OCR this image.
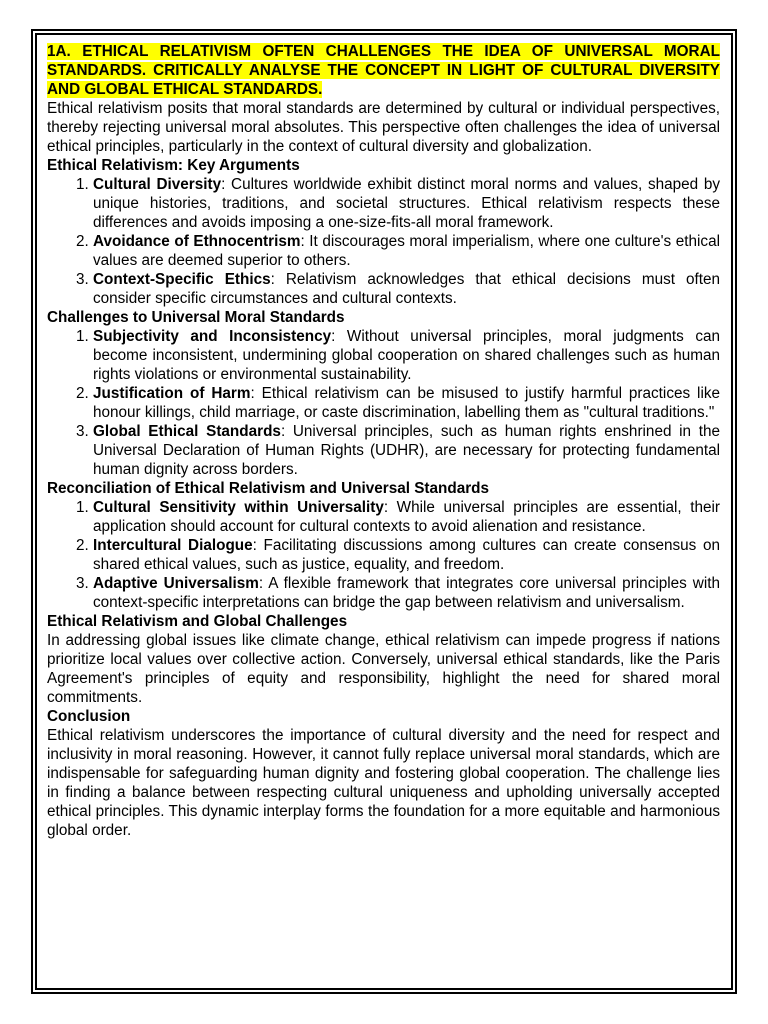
1A. ETHICAL RELATIVISM OFTEN CHALLENGES THE IDEA OF UNIVERSAL MORAL STANDARDS. CRITICALLY ANALYSE THE CONCEPT IN LIGHT OF CULTURAL DIVERSITY AND GLOBAL ETHICAL STANDARDS.

Ethical relativism posits that moral standards are determined by cultural or individual perspectives, thereby rejecting universal moral absolutes. This perspective often challenges the idea of universal ethical principles, particularly in the context of cultural diversity and globalization.

Ethical Relativism: Key Arguments
1. Cultural Diversity: Cultures worldwide exhibit distinct moral norms and values, shaped by unique histories, traditions, and societal structures. Ethical relativism respects these differences and avoids imposing a one-size-fits-all moral framework.
2. Avoidance of Ethnocentrism: It discourages moral imperialism, where one culture's ethical values are deemed superior to others.
3. Context-Specific Ethics: Relativism acknowledges that ethical decisions must often consider specific circumstances and cultural contexts.
Challenges to Universal Moral Standards
1. Subjectivity and Inconsistency: Without universal principles, moral judgments can become inconsistent, undermining global cooperation on shared challenges such as human rights violations or environmental sustainability.
2. Justification of Harm: Ethical relativism can be misused to justify harmful practices like honour killings, child marriage, or caste discrimination, labelling them as "cultural traditions."
3. Global Ethical Standards: Universal principles, such as human rights enshrined in the Universal Declaration of Human Rights (UDHR), are necessary for protecting fundamental human dignity across borders.
Reconciliation of Ethical Relativism and Universal Standards
1. Cultural Sensitivity within Universality: While universal principles are essential, their application should account for cultural contexts to avoid alienation and resistance.
2. Intercultural Dialogue: Facilitating discussions among cultures can create consensus on shared ethical values, such as justice, equality, and freedom.
3. Adaptive Universalism: A flexible framework that integrates core universal principles with context-specific interpretations can bridge the gap between relativism and universalism.
Ethical Relativism and Global Challenges

In addressing global issues like climate change, ethical relativism can impede progress if nations prioritize local values over collective action. Conversely, universal ethical standards, like the Paris Agreement's principles of equity and responsibility, highlight the need for shared moral commitments.

Conclusion

Ethical relativism underscores the importance of cultural diversity and the need for respect and inclusivity in moral reasoning. However, it cannot fully replace universal moral standards, which are indispensable for safeguarding human dignity and fostering global cooperation. The challenge lies in finding a balance between respecting cultural uniqueness and upholding universally accepted ethical principles. This dynamic interplay forms the foundation for a more equitable and harmonious global order.
